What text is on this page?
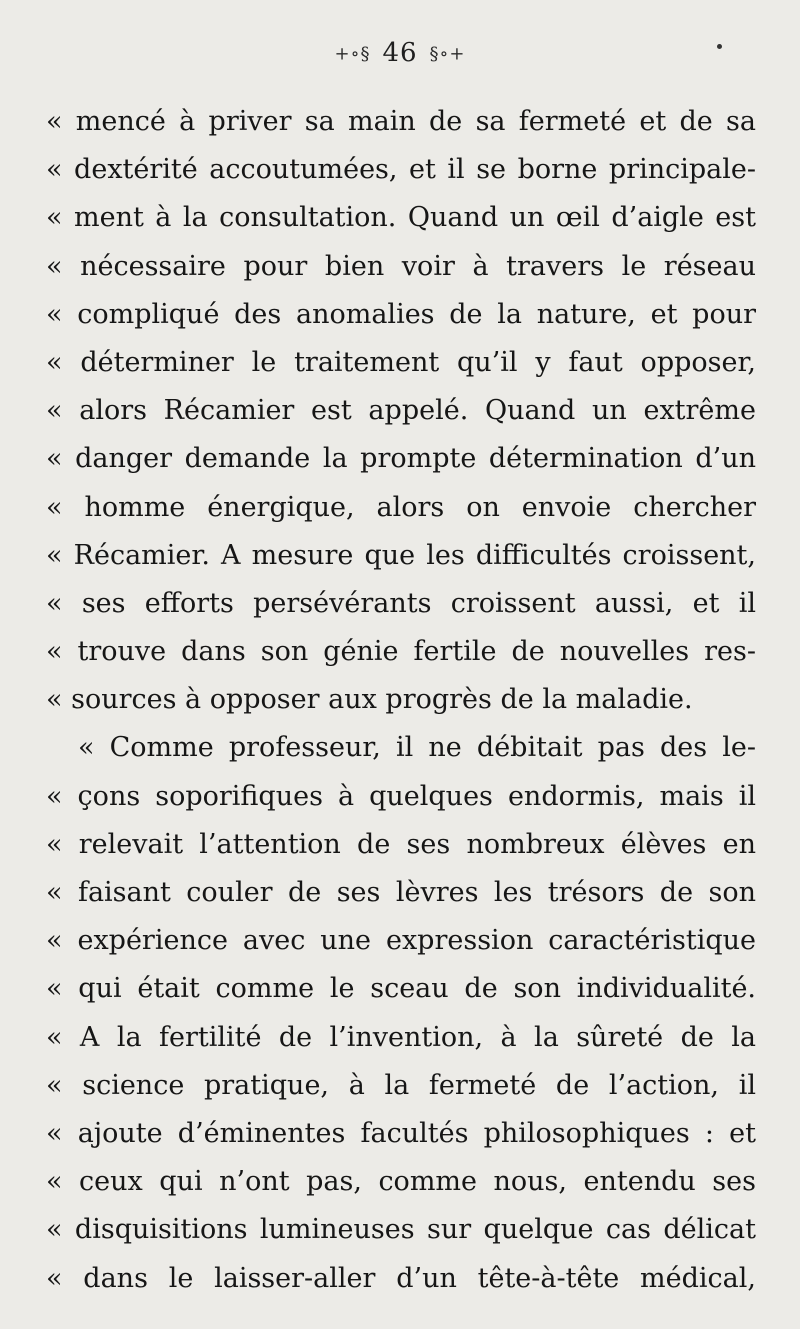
+∘§ 46 §∘+
« mencé à priver sa main de sa fermeté et de sa
« dextérité accoutumées, et il se borne principale-
« ment à la consultation. Quand un œil d’aigle est
« nécessaire pour bien voir à travers le réseau
« compliqué des anomalies de la nature, et pour
« déterminer le traitement qu’il y faut opposer,
« alors Récamier est appelé. Quand un extrême
« danger demande la prompte détermination d’un
« homme énergique, alors on envoie chercher
« Récamier. A mesure que les difficultés croissent,
« ses efforts persévérants croissent aussi, et il
« trouve dans son génie fertile de nouvelles res-
« sources à opposer aux progrès de la maladie.
« Comme professeur, il ne débitait pas des le-
« çons soporifiques à quelques endormis, mais il
« relevait l’attention de ses nombreux élèves en
« faisant couler de ses lèvres les trésors de son
« expérience avec une expression caractéristique
« qui était comme le sceau de son individualité.
« A la fertilité de l’invention, à la sûreté de la
« science pratique, à la fermeté de l’action, il
« ajoute d’éminentes facultés philosophiques : et
« ceux qui n’ont pas, comme nous, entendu ses
« disquisitions lumineuses sur quelque cas délicat
« dans le laisser-aller d’un tête-à-tête médical,
